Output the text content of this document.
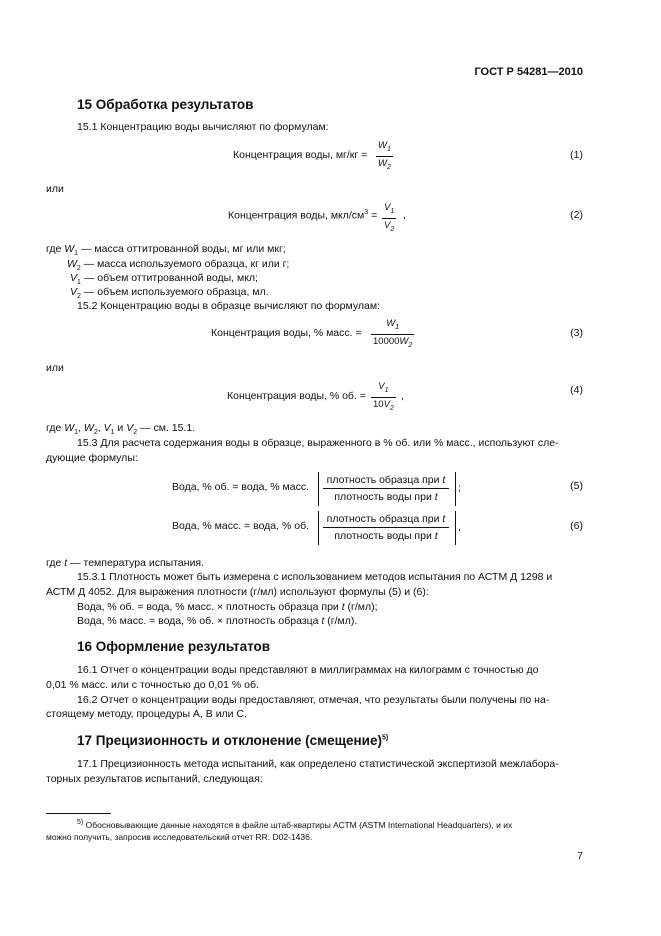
ГОСТ Р 54281—2010
15 Обработка результатов
15.1 Концентрацию воды вычисляют по формулам:
Концентрация воды, $мг/кг = \frac{W_1}{W_2}$	(1)
или
Концентрация воды, мкл/$см^3 = \frac{V_1}{V_2}$ ,	(2)
где $W_1$ — масса оттитрованной воды, мг или мкг;
$W_2$ — масса используемого образца, кг или г;
$V_1$ — объем оттитрованной воды, мкл;
$V_2$ — объем используемого образца, мл.
15.2 Концентрацию воды в образце вычисляют по формулам:
Концентрация воды, % масс. = $\frac{W_1}{10000W_2}$	(3)
или
Концентрация воды, % об. = $\frac{V_1}{10V_2}$ ,	(4)
где $W_1$, $W_2$, $V_1$ и $V_2$ — см. 15.1.
15.3 Для расчета содержания воды в образце, выраженного в % об. или % масс., используют сле-
дующие формулы:
Вода, % об. = вода, % масс.
плотность образца при t
плотность воды при t
;	(5)
Вода, % масс. = вода, % об.
плотность образца при t
плотность воды при t
,	(6)
где t — температура испытания.
15.3.1 Плотность может быть измерена с использованием методов испытания по АСТМ Д 1298 и
АСТМ Д 4052. Для выражения плотности (г/мл) используют формулы (5) и (6):
Вода, % об. = вода, % масс. × плотность образца при t (г/мл);
Вода, % масс. = вода, % об. × плотность образца t (г/мл).
16 Оформление результатов
16.1 Отчет о концентрации воды представляют в миллиграммах на килограмм с точностью до
0,01 % масс. или с точностью до 0,01 % об.
16.2 Отчет о концентрации воды предоставляют, отмечая, что результаты были получены по на-
стоящему методу, процедуры А, В или С.
17 Прецизионность и отклонение (смещение)$^{5)}$
17.1 Прецизионность метода испытаний, как определено статистической экспертизой межлабора-
торных результатов испытаний, следующая:
$^{5)}$ Обосновывающие данные находятся в файле штаб-квартиры АСТМ (ASTM International Headquarters), и их
можно получить, запросив исследовательский отчет RR: D02-1436.
7
